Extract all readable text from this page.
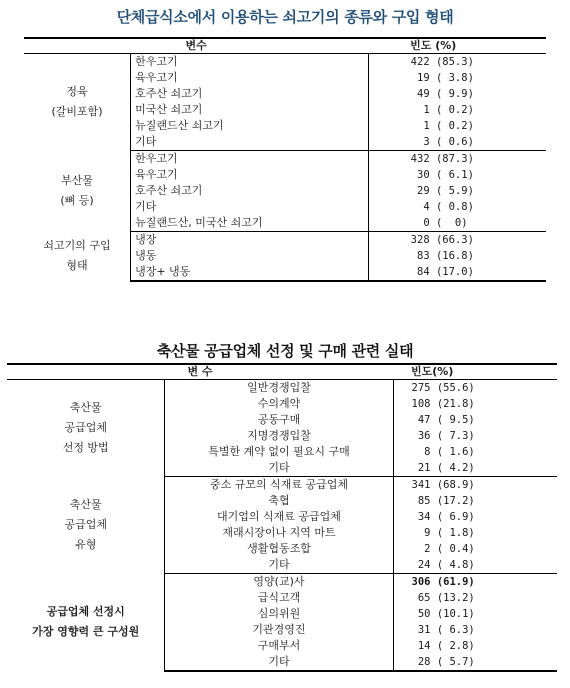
단체급식소에서 이용하는 쇠고기의 종류와 구입 형태
변수		빈도 (%)

정육
(갈비포함)	한우고기	422 (85.3)
	육우고기	19 ( 3.8)
	호주산 쇠고기	49 ( 9.9)
	미국산 쇠고기	1 ( 0.2)
	뉴질랜드산 쇠고기	1 ( 0.2)
	기타	3 ( 0.6)

부산물
(뼈 등)	한우고기	432 (87.3)
	육우고기	30 ( 6.1)
	호주산 쇠고기	29 ( 5.9)
	기타	4 ( 0.8)
	뉴질랜드산, 미국산 쇠고기	0 (  0)

쇠고기의 구입
형태	냉장	328 (66.3)
	냉동	83 (16.8)
	냉장+ 냉동	84 (17.0)
축산물 공급업체 선정 및 구매 관련 실태
변 수		빈도(%)

축산물
공급업체
선정 방법	일반경쟁입찰	275 (55.6)
	수의계약	108 (21.8)
	공동구매	47 ( 9.5)
	지명경쟁입찰	36 ( 7.3)
	특별한 계약 없이 필요시 구매	8 ( 1.6)
	기타	21 ( 4.2)

축산물
공급업체
유형	중소 규모의 식재료 공급업체	341 (68.9)
	축협	85 (17.2)
	대기업의 식재료 공급업체	34 ( 6.9)
	재래시장이나 지역 마트	9 ( 1.8)
	생활협동조합	2 ( 0.4)
	기타	24 ( 4.8)

공급업체 선정시
가장 영향력 큰 구성원	영양(교)사	306 (61.9)
	급식고객	65 (13.2)
	심의위원	50 (10.1)
	기관경영진	31 ( 6.3)
	구매부서	14 ( 2.8)
	기타	28 ( 5.7)
